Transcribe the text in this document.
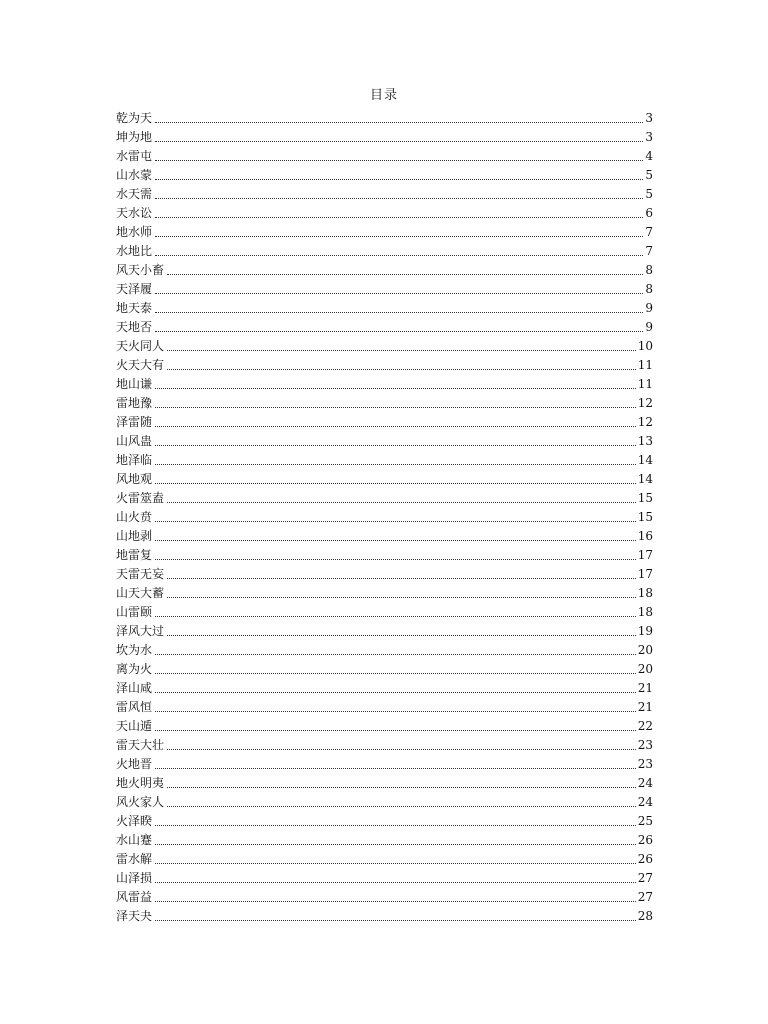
目录
乾为天	3
坤为地	3
水雷屯	4
山水蒙	5
水天需	5
天水讼	6
地水师	7
水地比	7
风天小畜	8
天泽履	8
地天泰	9
天地否	9
天火同人	10
火天大有	11
地山谦	11
雷地豫	12
泽雷随	12
山风蛊	13
地泽临	14
风地观	14
火雷筮盍	15
山火贲	15
山地剥	16
地雷复	17
天雷无妄	17
山天大蓄	18
山雷颐	18
泽风大过	19
坎为水	20
离为火	20
泽山咸	21
雷风恒	21
天山遁	22
雷天大壮	23
火地晋	23
地火明夷	24
风火家人	24
火泽睽	25
水山蹇	26
雷水解	26
山泽损	27
风雷益	27
泽天夬	28
